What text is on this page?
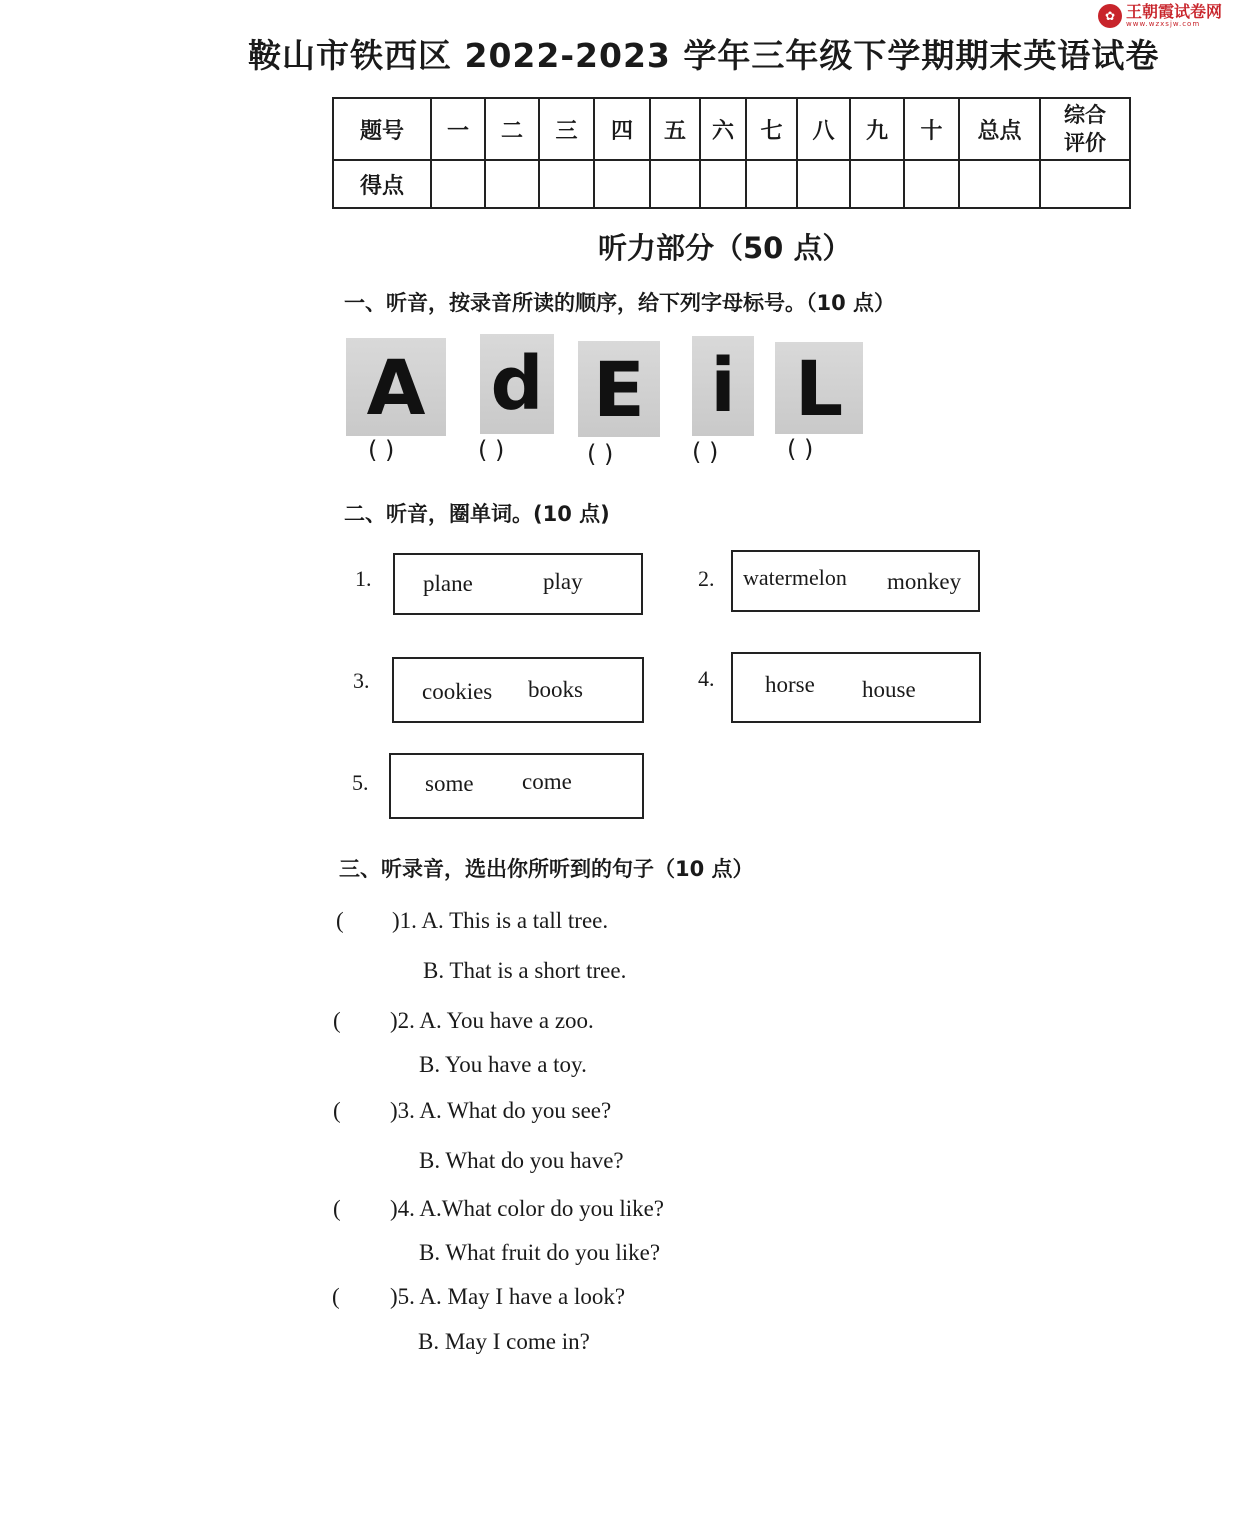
✿ 王朝霞试卷网
www.wzxsjw.com
鞍山市铁西区 2022-2023 学年三年级下学期期末英语试卷
题号	一	二	三	四	五	六	七	八	九	十	总点	综合
评价

得点												
听力部分（50 点）
一、听音，按录音所读的顺序，给下列字母标号。（10 点）
A d E i L
( )	( )	( )	( )	( )
二、听音，圈单词。(10 点)
1. plane	play	2. watermelon monkey
3. cookies books	4. horse house
5. some come
三、听录音，选出你所听到的句子（10 点）
( )1. A. This is a tall tree.
B. That is a short tree.
( )2. A. You have a zoo.
B. You have a toy.
( )3. A. What do you see?
B. What do you have?
( )4. A.What color do you like?
B. What fruit do you like?
( )5. A. May I have a look?
B. May I come in?
